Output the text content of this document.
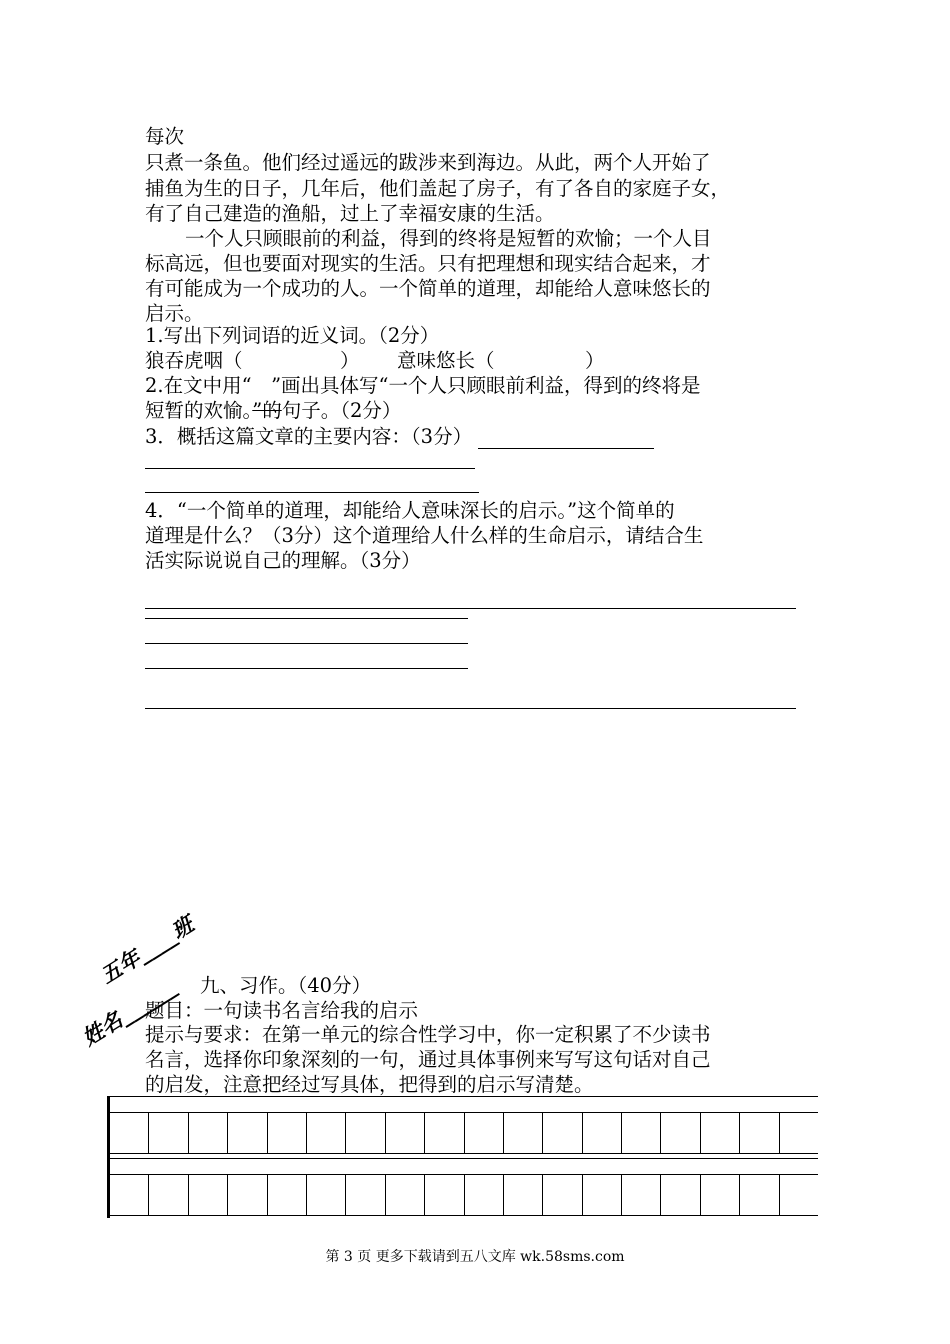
每次
只煮一条鱼。他们经过遥远的跋涉来到海边。从此，两个人开始了
捕鱼为生的日子，几年后，他们盖起了房子，有了各自的家庭子女，
有了自己建造的渔船，过上了幸福安康的生活。
一个人只顾眼前的利益，得到的终将是短暂的欢愉；一个人目
标高远，但也要面对现实的生活。只有把理想和现实结合起来，才
有可能成为一个成功的人。一个简单的道理，却能给人意味悠长的
启示。
1.写出下列词语的近义词。（2分）
狼吞虎咽（	） 意味悠长（	）
2.在文中用“　”画出具体写“一个人只顾眼前利益，得到的终将是
短暂的欢愉。”的句子。（2分）
3．概括这篇文章的主要内容：（3分）
4．“一个简单的道理，却能给人意味深长的启示。”这个简单的
道理是什么？（3分）这个道理给人什么样的生命启示，请结合生
活实际说说自己的理解。（3分）
五年____班
姓名______ 九、习作。（40分）
题目：一句读书名言给我的启示
提示与要求：在第一单元的综合性学习中，你一定积累了不少读书
名言，选择你印象深刻的一句，通过具体事例来写写这句话对自己
的启发，注意把经过写具体，把得到的启示写清楚。
第 3 页 更多下载请到五八文库 wk.58sms.com
